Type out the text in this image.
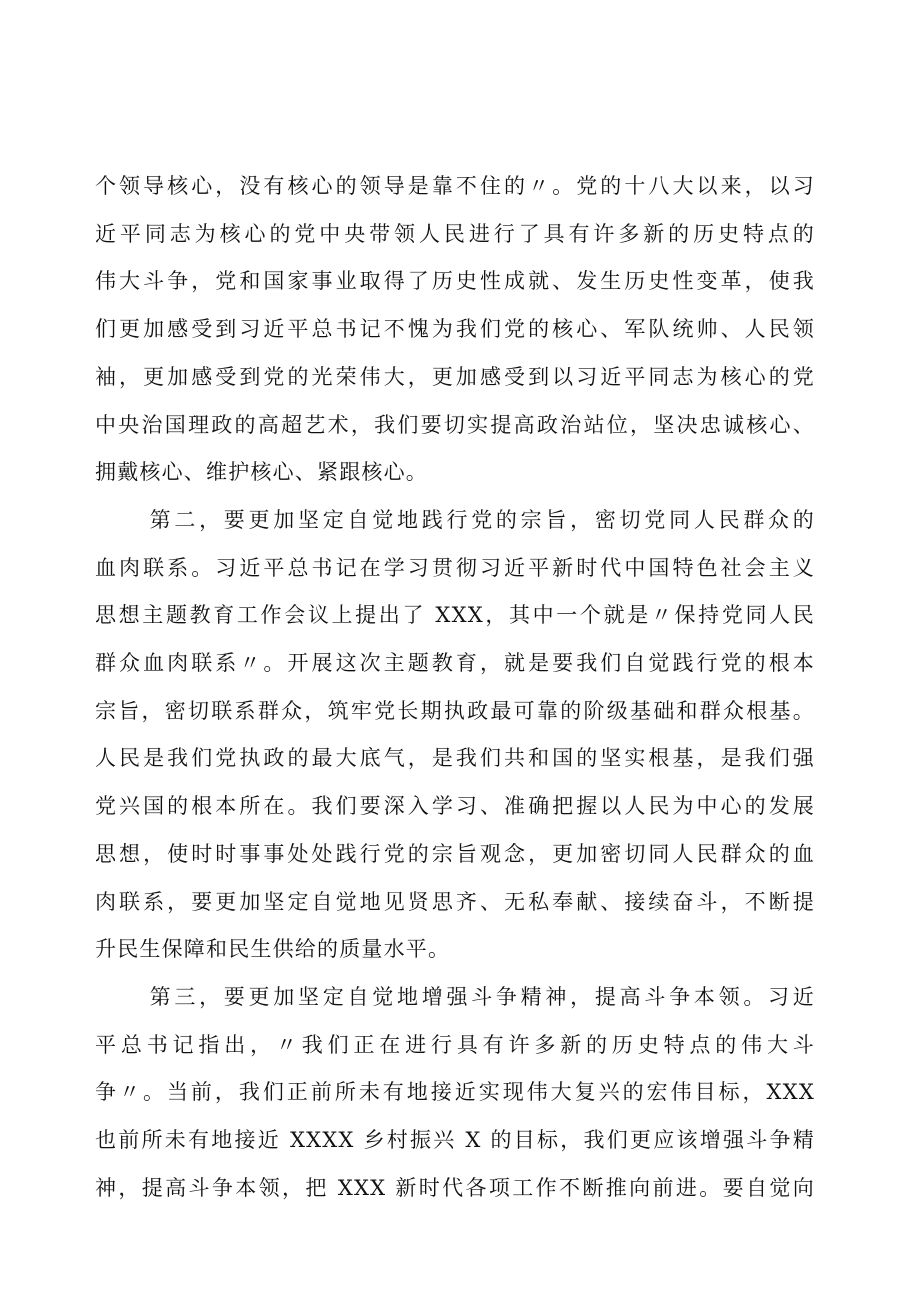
个领导核心，没有核心的领导是靠不住的〃。党的十八大以来，以习
近平同志为核心的党中央带领人民进行了具有许多新的历史特点的
伟大斗争，党和国家事业取得了历史性成就、发生历史性变革，使我
们更加感受到习近平总书记不愧为我们党的核心、军队统帅、人民领
袖，更加感受到党的光荣伟大，更加感受到以习近平同志为核心的党
中央治国理政的高超艺术，我们要切实提高政治站位，坚决忠诚核心、
拥戴核心、维护核心、紧跟核心。

第二，要更加坚定自觉地践行党的宗旨，密切党同人民群众的
血肉联系。习近平总书记在学习贯彻习近平新时代中国特色社会主义
思想主题教育工作会议上提出了 XXX，其中一个就是〃保持党同人民
群众血肉联系〃。开展这次主题教育，就是要我们自觉践行党的根本
宗旨，密切联系群众，筑牢党长期执政最可靠的阶级基础和群众根基。
人民是我们党执政的最大底气，是我们共和国的坚实根基，是我们强
党兴国的根本所在。我们要深入学习、准确把握以人民为中心的发展
思想，使时时事事处处践行党的宗旨观念，更加密切同人民群众的血
肉联系，要更加坚定自觉地见贤思齐、无私奉献、接续奋斗，不断提
升民生保障和民生供给的质量水平。

第三，要更加坚定自觉地增强斗争精神，提高斗争本领。习近
平总书记指出，〃我们正在进行具有许多新的历史特点的伟大斗
争〃。当前，我们正前所未有地接近实现伟大复兴的宏伟目标，XXX
也前所未有地接近 XXXX 乡村振兴 X 的目标，我们更应该增强斗争精
神，提高斗争本领，把 XXX 新时代各项工作不断推向前进。要自觉向
